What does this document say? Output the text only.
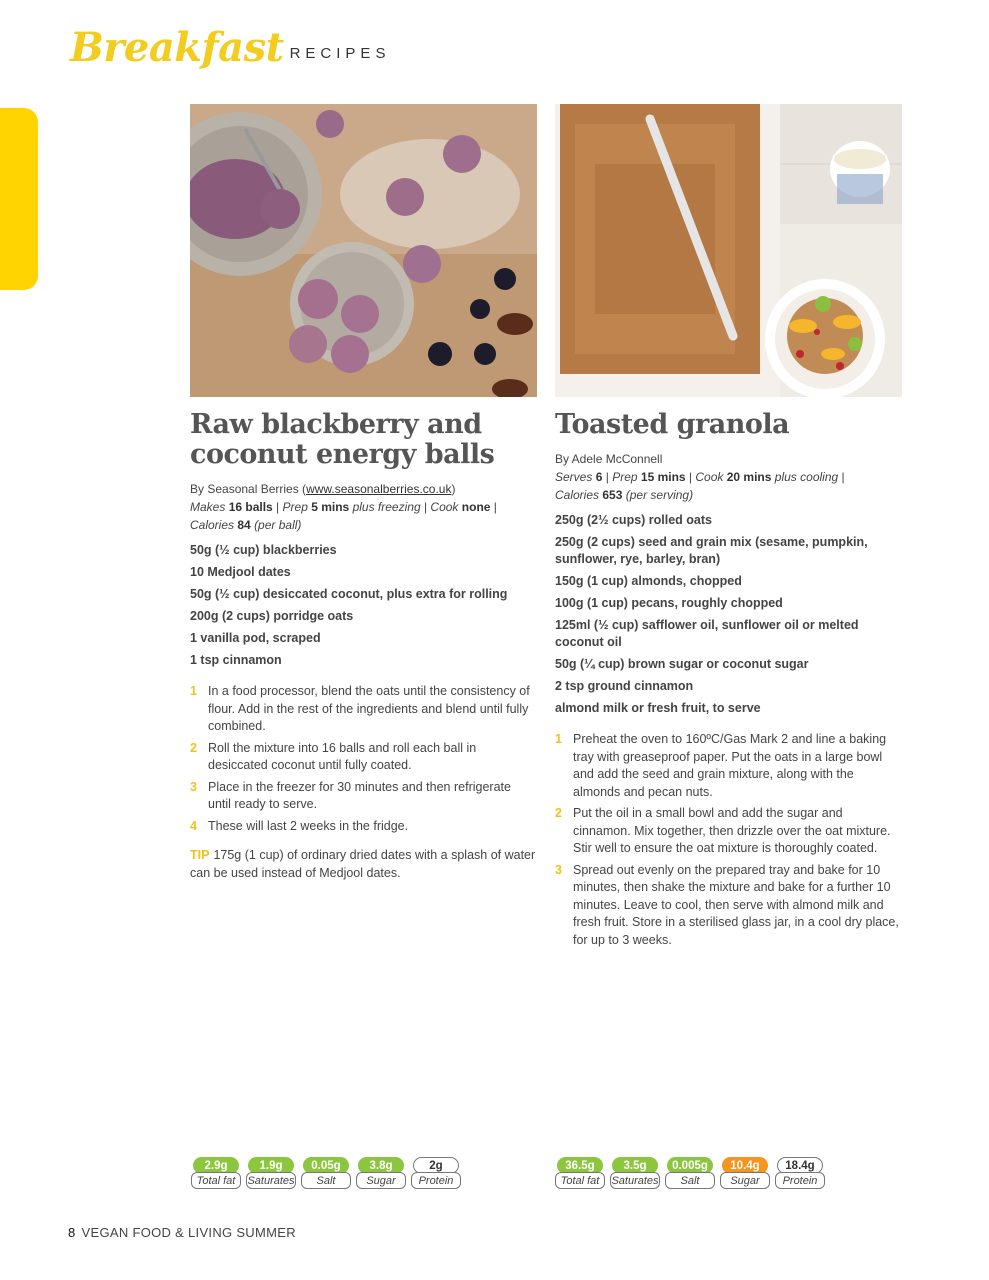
Breakfast RECIPES
Raw blackberry and coconut energy balls
By Seasonal Berries (www.seasonalberries.co.uk)
Makes 16 balls | Prep 5 mins plus freezing | Cook none |
Calories 84 (per ball)
50g (½ cup) blackberries
10 Medjool dates
50g (½ cup) desiccated coconut, plus extra for rolling
200g (2 cups) porridge oats
1 vanilla pod, scraped
1 tsp cinnamon
1 In a food processor, blend the oats until the consistency of flour. Add in the rest of the ingredients and blend until fully combined.
2 Roll the mixture into 16 balls and roll each ball in desiccated coconut until fully coated.
3 Place in the freezer for 30 minutes and then refrigerate until ready to serve.
4 These will last 2 weeks in the fridge.
TIP 175g (1 cup) of ordinary dried dates with a splash of water can be used instead of Medjool dates.
Toasted granola
By Adele McConnell
Serves 6 | Prep 15 mins | Cook 20 mins plus cooling |
Calories 653 (per serving)
250g (2½ cups) rolled oats
250g (2 cups) seed and grain mix (sesame, pumpkin, sunflower, rye, barley, bran)
150g (1 cup) almonds, chopped
100g (1 cup) pecans, roughly chopped
125ml (½ cup) safflower oil, sunflower oil or melted coconut oil
50g (¼ cup) brown sugar or coconut sugar
2 tsp ground cinnamon
almond milk or fresh fruit, to serve
1 Preheat the oven to 160ºC/Gas Mark 2 and line a baking tray with greaseproof paper. Put the oats in a large bowl and add the seed and grain mixture, along with the almonds and pecan nuts.
2 Put the oil in a small bowl and add the sugar and cinnamon. Mix together, then drizzle over the oat mixture. Stir well to ensure the oat mixture is thoroughly coated.
3 Spread out evenly on the prepared tray and bake for 10 minutes, then shake the mixture and bake for a further 10 minutes. Leave to cool, then serve with almond milk and fresh fruit. Store in a sterilised glass jar, in a cool dry place, for up to 3 weeks.
2.9g
Total fat
1.9g
Saturates
0.05g
Salt
3.8g
Sugar
2g
Protein
36.5g
Total fat
3.5g
Saturates
0.005g
Salt
10.4g
Sugar
18.4g
Protein
8 VEGAN FOOD & LIVING SUMMER
